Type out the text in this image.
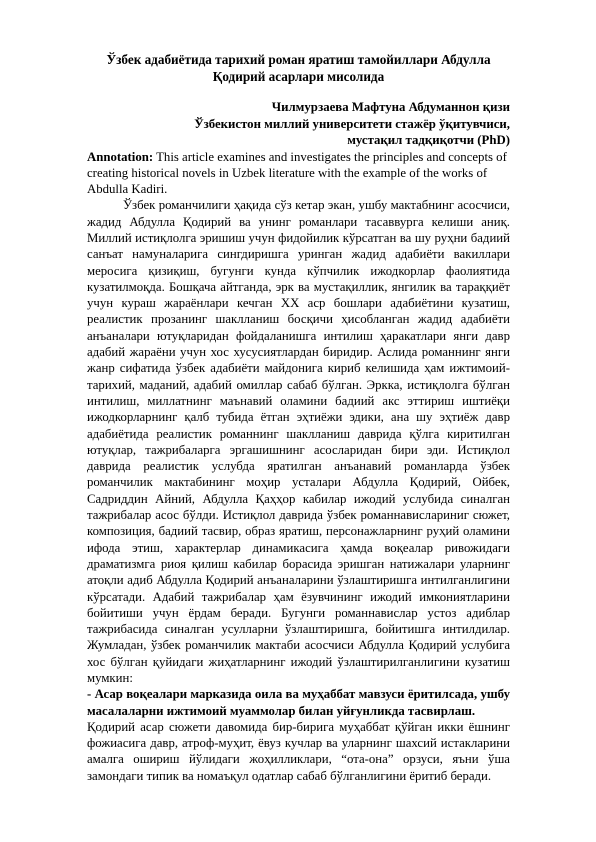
Ўзбек адабиётида тарихий роман яратиш тамойиллари Абдулла
Қодирий асарлари мисолида
Чилмурзаева Мафтуна Абдуманнон қизи
Ўзбекистон миллий университети стажёр ўқитувчиси,
мустақил тадқиқотчи (PhD)

Annotation: This article examines and investigates the principles and concepts of creating historical novels in Uzbek literature with the example of the works of Abdulla Kadiri.

Ўзбек романчилиги ҳақида сўз кетар экан, ушбу мактабнинг асосчиси, жадид Абдулла Қодирий ва унинг романлари тасаввурга келиши аниқ. Миллий истиқлолга эришиш учун фидойилик кўрсатган ва шу руҳни бадиий санъат намуналарига сингдиришга уринган жадид адабиёти вакиллари меросига қизиқиш, бугунги кунда кўпчилик ижодкорлар фаолиятида кузатилмоқда. Бошқача айтганда, эрк ва мустақиллик, янгилик ва тараққиёт учун кураш жараёнлари кечган ХХ аср бошлари адабиётини кузатиш, реалистик прозанинг шаклланиш босқичи ҳисобланган жадид адабиёти анъаналари ютуқларидан фойдаланишга интилиш ҳаракатлари янги давр адабий жараёни учун хос хусусиятлардан биридир. Аслида романнинг янги жанр сифатида ўзбек адабиёти майдонига кириб келишида ҳам ижтимоий-тарихий, маданий, адабий омиллар сабаб бўлган. Эркка, истиқлолга бўлган интилиш, миллатнинг маънавий оламини бадиий акс эттириш иштиёқи ижодкорларнинг қалб тубида ётган эҳтиёжи эдики, ана шу эҳтиёж давр адабиётида реалистик романнинг шаклланиш даврида қўлга киритилган ютуқлар, тажрибаларга эргашишнинг асосларидан бири эди. Истиқлол даврида реалистик услубда яратилган анъанавий романларда ўзбек романчилик мактабининг моҳир усталари Абдулла Қодирий, Ойбек, Садриддин Айний, Абдулла Қаҳҳор кабилар ижодий услубида синалган тажрибалар асос бўлди. Истиқлол даврида ўзбек романнавислариниг сюжет, композиция, бадиий тасвир, образ яратиш, персонажларнинг руҳий оламини ифода этиш, характерлар динамикасига ҳамда воқеалар ривожидаги драматизмга риоя қилиш кабилар борасида эришган натижалари уларнинг атоқли адиб Абдулла Қодирий анъаналарини ўзлаштиришга интилганлигини кўрсатади. Адабий тажрибалар ҳам ёзувчининг ижодий имкониятларини бойитиши учун ёрдам беради. Бугунги романнавислар устоз адиблар тажрибасида синалган усулларни ўзлаштиришга, бойитишга интилдилар. Жумладан, ўзбек романчилик мактаби асосчиси Абдулла Қодирий услубига хос бўлган қуйидаги жиҳатларнинг ижодий ўзлаштирилганлигини кузатиш мумкин:

- Асар воқеалари марказида оила ва муҳаббат мавзуси ёритилсада, ушбу масалаларни ижтимоий муаммолар билан уйғунликда тасвирлаш.

Қодирий асар сюжети давомида бир-бирига муҳаббат қўйган икки ёшнинг фожиасига давр, атроф-муҳит, ёвуз кучлар ва уларнинг шахсий истакларини амалга ошириш йўлидаги жоҳилликлари, “ота-она” орзуси, яъни ўша замондаги типик ва номаъқул одатлар сабаб бўлганлигини ёритиб беради.
